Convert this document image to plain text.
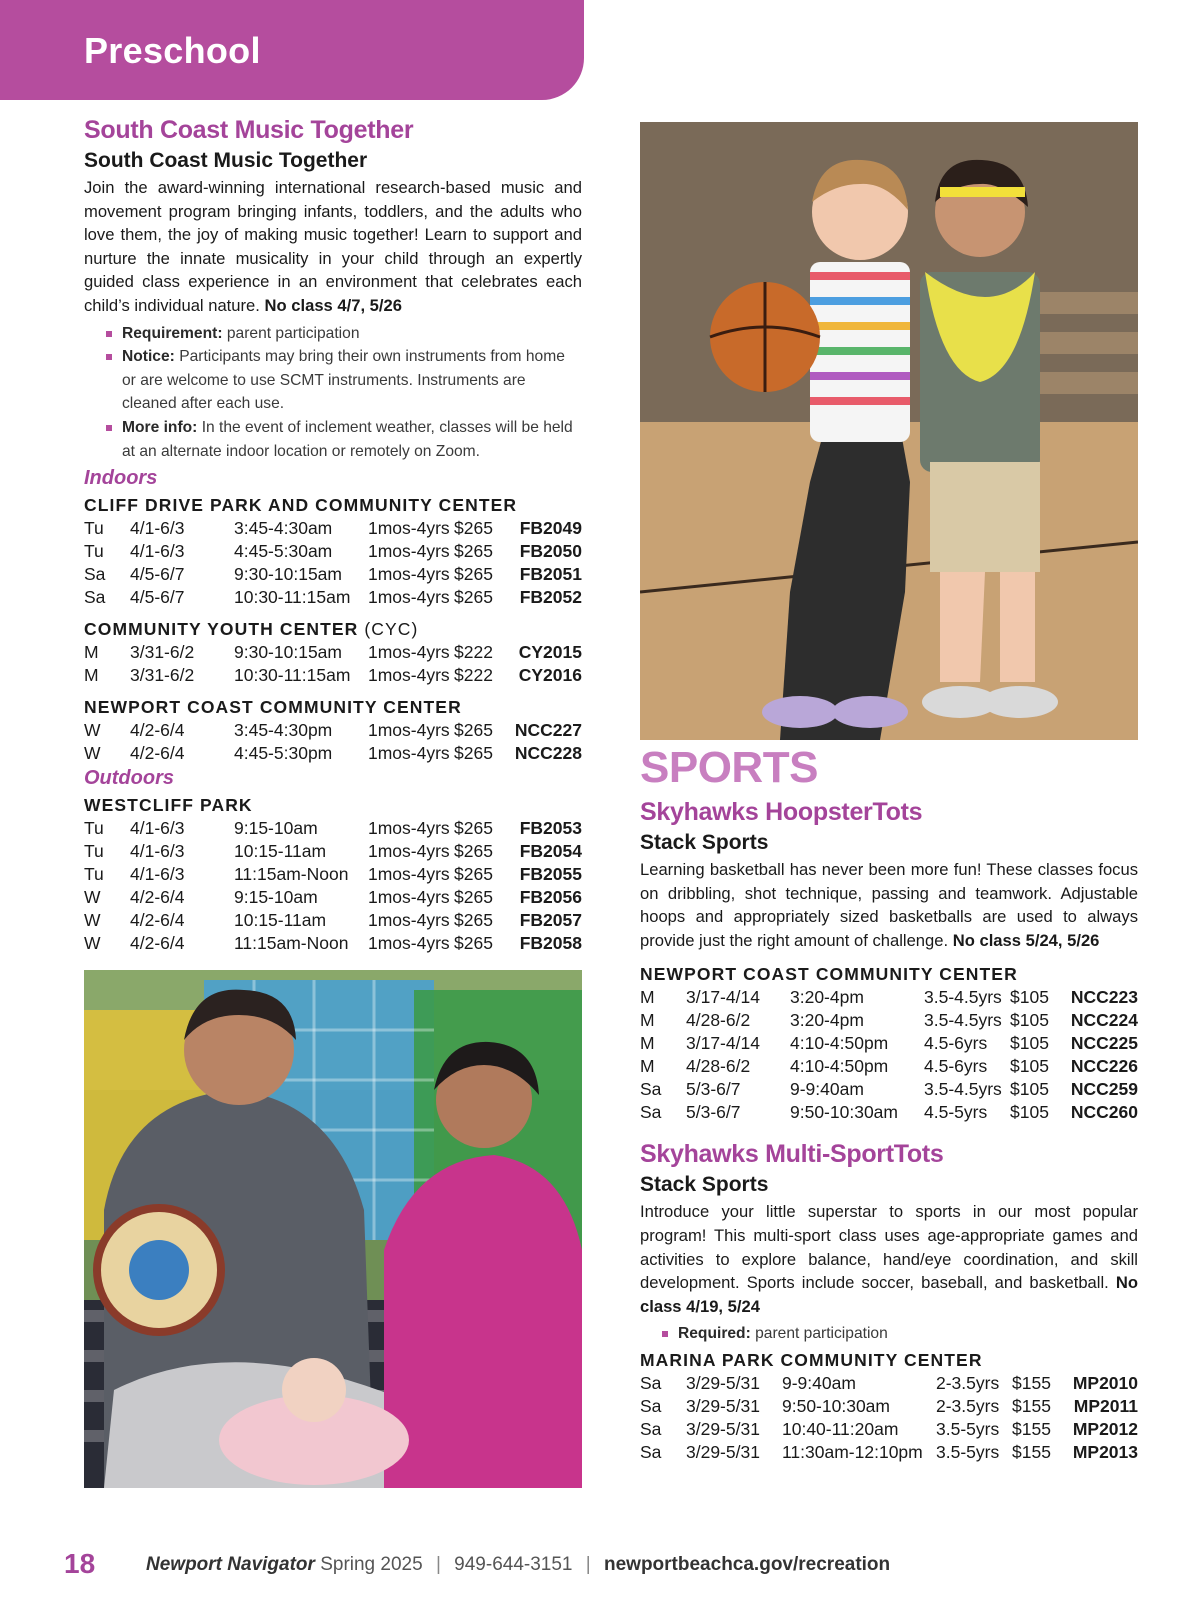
Preschool
South Coast Music Together
South Coast Music Together

Join the award-winning international research-based music and movement program bringing infants, toddlers, and the adults who love them, the joy of making music together! Learn to support and nurture the innate musicality in your child through an expertly guided class experience in an environment that celebrates each child’s individual nature. No class 4/7, 5/26

Requirement: parent participation
Notice: Participants may bring their own instruments from home or are welcome to use SCMT instruments. Instruments are cleaned after each use.
More info: In the event of inclement weather, classes will be held at an alternate indoor location or remotely on Zoom.
Indoors
CLIFF DRIVE PARK AND COMMUNITY CENTER
Tu	4/1-6/3	3:45-4:30am	1mos-4yrs	$265	FB2049
Tu	4/1-6/3	4:45-5:30am	1mos-4yrs	$265	FB2050
Sa	4/5-6/7	9:30-10:15am	1mos-4yrs	$265	FB2051
Sa	4/5-6/7	10:30-11:15am	1mos-4yrs	$265	FB2052
COMMUNITY YOUTH CENTER (CYC)
M	3/31-6/2	9:30-10:15am	1mos-4yrs	$222	CY2015
M	3/31-6/2	10:30-11:15am	1mos-4yrs	$222	CY2016
NEWPORT COAST COMMUNITY CENTER
W	4/2-6/4	3:45-4:30pm	1mos-4yrs	$265	NCC227
W	4/2-6/4	4:45-5:30pm	1mos-4yrs	$265	NCC228
Outdoors
WESTCLIFF PARK
Tu	4/1-6/3	9:15-10am	1mos-4yrs	$265	FB2053
Tu	4/1-6/3	10:15-11am	1mos-4yrs	$265	FB2054
Tu	4/1-6/3	11:15am-Noon	1mos-4yrs	$265	FB2055
W	4/2-6/4	9:15-10am	1mos-4yrs	$265	FB2056
W	4/2-6/4	10:15-11am	1mos-4yrs	$265	FB2057
W	4/2-6/4	11:15am-Noon	1mos-4yrs	$265	FB2058
SPORTS
Skyhawks HoopsterTots
Stack Sports

Learning basketball has never been more fun! These classes focus on dribbling, shot technique, passing and teamwork. Adjustable hoops and appropriately sized basketballs are used to always provide just the right amount of challenge. No class 5/24, 5/26

NEWPORT COAST COMMUNITY CENTER
M	3/17-4/14	3:20-4pm	3.5-4.5yrs	$105	NCC223
M	4/28-6/2	3:20-4pm	3.5-4.5yrs	$105	NCC224
M	3/17-4/14	4:10-4:50pm	4.5-6yrs	$105	NCC225
M	4/28-6/2	4:10-4:50pm	4.5-6yrs	$105	NCC226
Sa	5/3-6/7	9-9:40am	3.5-4.5yrs	$105	NCC259
Sa	5/3-6/7	9:50-10:30am	4.5-5yrs	$105	NCC260
Skyhawks Multi-SportTots
Stack Sports

Introduce your little superstar to sports in our most popular program! This multi-sport class uses age-appropriate games and activities to explore balance, hand/eye coordination, and skill development. Sports include soccer, baseball, and basketball. No class 4/19, 5/24

Required: parent participation
MARINA PARK COMMUNITY CENTER
Sa	3/29-5/31	9-9:40am	2-3.5yrs	$155	MP2010
Sa	3/29-5/31	9:50-10:30am	2-3.5yrs	$155	MP2011
Sa	3/29-5/31	10:40-11:20am	3.5-5yrs	$155	MP2012
Sa	3/29-5/31	11:30am-12:10pm	3.5-5yrs	$155	MP2013
18	Newport Navigator Spring 2025 | 949-644-3151 | newportbeachca.gov/recreation
